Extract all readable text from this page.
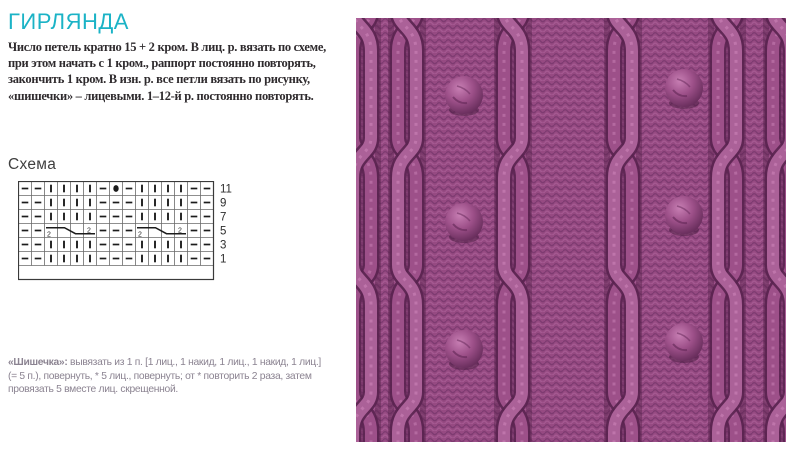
ГИРЛЯНДА
Число петель кратно 15 + 2 кром. В лиц. р. вязать по схеме,
при этом начать с 1 кром., раппорт постоянно повторять,
закончить 1 кром. В изн. р. все петли вязать по рисунку,
«шишечки» – лицевыми. 1–12-й р. постоянно повторять.
Схема
11
9
7
5
2
2
2
2
3
1
«Шишечка»: вывязать из 1 п. [1 лиц., 1 накид, 1 лиц., 1 накид, 1 лиц.]
(= 5 п.), повернуть, * 5 лиц., повернуть; от * повторить 2 раза, затем
провязать 5 вместе лиц. скрещенной.
